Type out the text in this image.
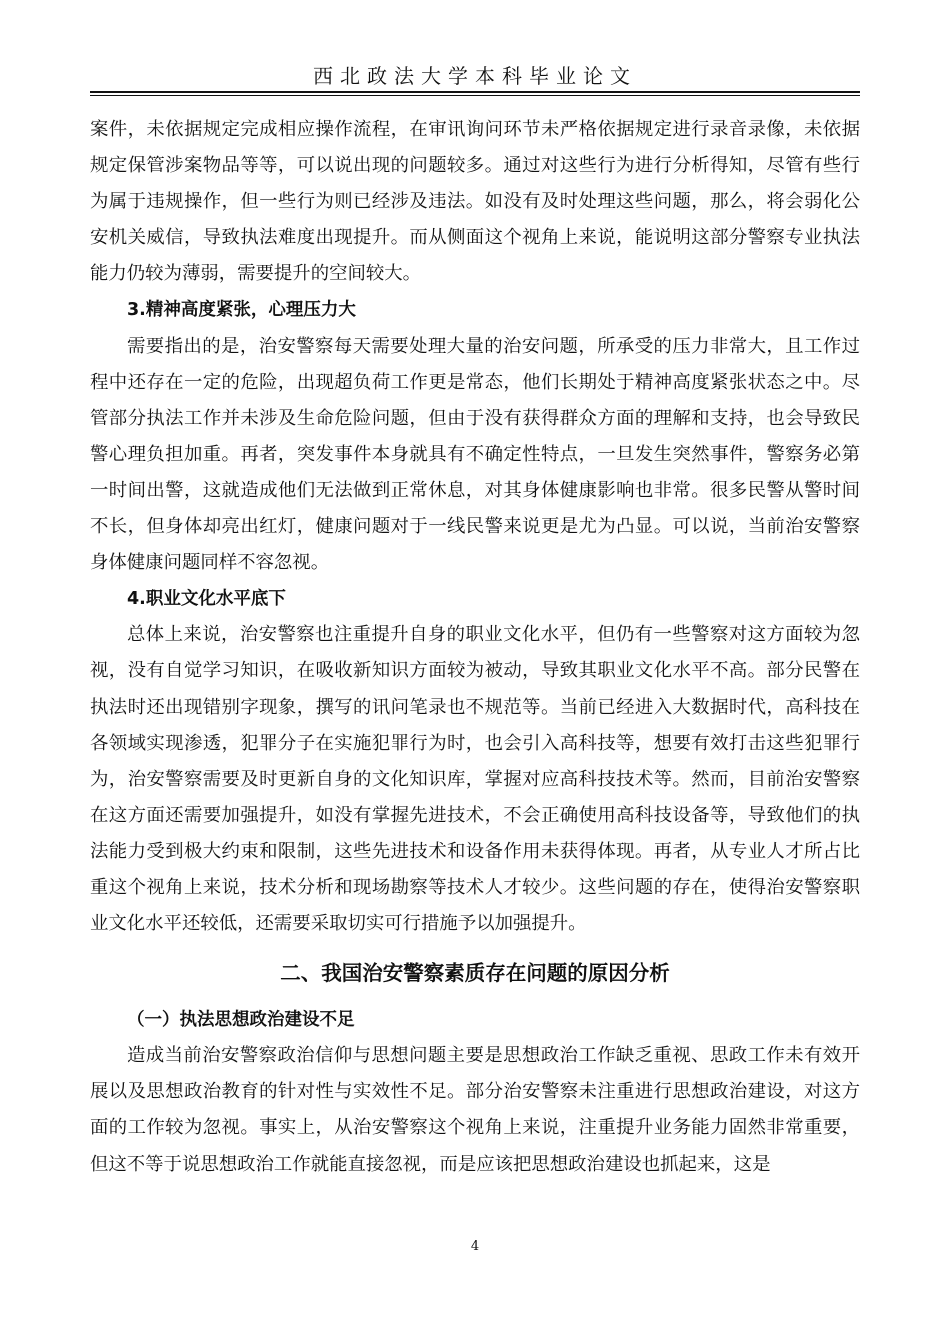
西北政法大学本科毕业论文

案件，未依据规定完成相应操作流程，在审讯询问环节未严格依据规定进行录音录像，未依据规定保管涉案物品等等，可以说出现的问题较多。通过对这些行为进行分析得知，尽管有些行为属于违规操作，但一些行为则已经涉及违法。如没有及时处理这些问题，那么，将会弱化公安机关威信，导致执法难度出现提升。而从侧面这个视角上来说，能说明这部分警察专业执法能力仍较为薄弱，需要提升的空间较大。

3.精神高度紧张，心理压力大

需要指出的是，治安警察每天需要处理大量的治安问题，所承受的压力非常大，且工作过程中还存在一定的危险，出现超负荷工作更是常态，他们长期处于精神高度紧张状态之中。尽管部分执法工作并未涉及生命危险问题，但由于没有获得群众方面的理解和支持，也会导致民警心理负担加重。再者，突发事件本身就具有不确定性特点，一旦发生突然事件，警察务必第一时间出警，这就造成他们无法做到正常休息，对其身体健康影响也非常。很多民警从警时间不长，但身体却亮出红灯，健康问题对于一线民警来说更是尤为凸显。可以说，当前治安警察身体健康问题同样不容忽视。

4.职业文化水平底下

总体上来说，治安警察也注重提升自身的职业文化水平，但仍有一些警察对这方面较为忽视，没有自觉学习知识，在吸收新知识方面较为被动，导致其职业文化水平不高。部分民警在执法时还出现错别字现象，撰写的讯问笔录也不规范等。当前已经进入大数据时代，高科技在各领域实现渗透，犯罪分子在实施犯罪行为时，也会引入高科技等，想要有效打击这些犯罪行为，治安警察需要及时更新自身的文化知识库，掌握对应高科技技术等。然而，目前治安警察在这方面还需要加强提升，如没有掌握先进技术，不会正确使用高科技设备等，导致他们的执法能力受到极大约束和限制，这些先进技术和设备作用未获得体现。再者，从专业人才所占比重这个视角上来说，技术分析和现场勘察等技术人才较少。这些问题的存在，使得治安警察职业文化水平还较低，还需要采取切实可行措施予以加强提升。

二、我国治安警察素质存在问题的原因分析

（一）执法思想政治建设不足

造成当前治安警察政治信仰与思想问题主要是思想政治工作缺乏重视、思政工作未有效开展以及思想政治教育的针对性与实效性不足。部分治安警察未注重进行思想政治建设，对这方面的工作较为忽视。事实上，从治安警察这个视角上来说，注重提升业务能力固然非常重要，但这不等于说思想政治工作就能直接忽视，而是应该把思想政治建设也抓起来，这是

4
